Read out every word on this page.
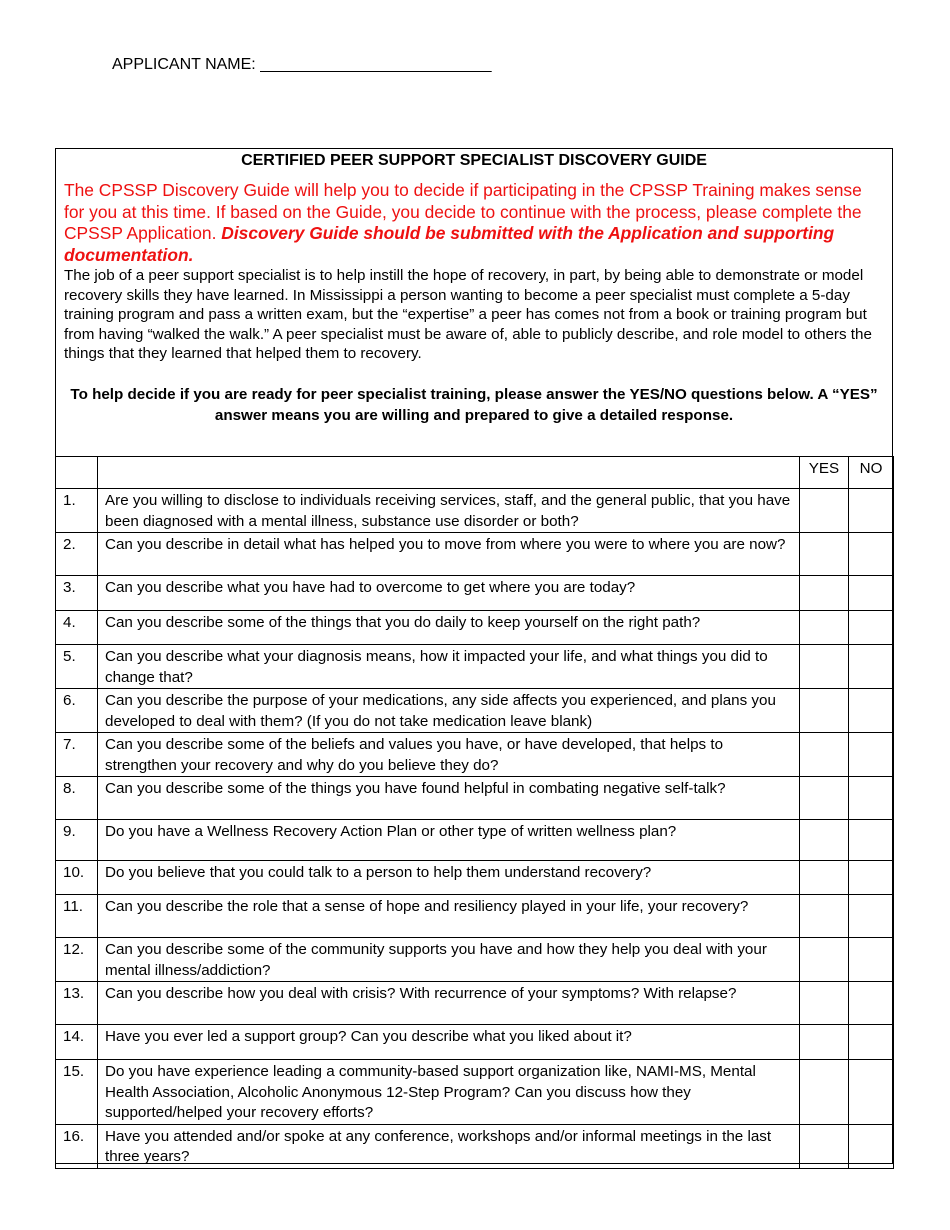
APPLICANT NAME: __________________________
CERTIFIED PEER SUPPORT SPECIALIST DISCOVERY GUIDE
The CPSSP Discovery Guide will help you to decide if participating in the CPSSP Training makes sense for you at this time. If based on the Guide, you decide to continue with the process, please complete the CPSSP Application. Discovery Guide should be submitted with the Application and supporting documentation.
The job of a peer support specialist is to help instill the hope of recovery, in part, by being able to demonstrate or model recovery skills they have learned. In Mississippi a person wanting to become a peer specialist must complete a 5-day training program and pass a written exam, but the “expertise” a peer has comes not from a book or training program but from having “walked the walk.” A peer specialist must be aware of, able to publicly describe, and role model to others the things that they learned that helped them to recovery.
To help decide if you are ready for peer specialist training, please answer the YES/NO questions below. A “YES” answer means you are willing and prepared to give a detailed response.
		YES	NO
1.	Are you willing to disclose to individuals receiving services, staff, and the general public, that you have been diagnosed with a mental illness, substance use disorder or both?		
2.	Can you describe in detail what has helped you to move from where you were to where you are now?		
3.	Can you describe what you have had to overcome to get where you are today?		
4.	Can you describe some of the things that you do daily to keep yourself on the right path?		
5.	Can you describe what your diagnosis means, how it impacted your life, and what things you did to change that?		
6.	Can you describe the purpose of your medications, any side affects you experienced, and plans you developed to deal with them? (If you do not take medication leave blank)		
7.	Can you describe some of the beliefs and values you have, or have developed, that helps to strengthen your recovery and why do you believe they do?		
8.	Can you describe some of the things you have found helpful in combating negative self-talk?		
9.	Do you have a Wellness Recovery Action Plan or other type of written wellness plan?		
10.	Do you believe that you could talk to a person to help them understand recovery?		
11.	Can you describe the role that a sense of hope and resiliency played in your life, your recovery?		
12.	Can you describe some of the community supports you have and how they help you deal with your mental illness/addiction?		
13.	Can you describe how you deal with crisis? With recurrence of your symptoms? With relapse?		
14.	Have you ever led a support group? Can you describe what you liked about it?		
15.	Do you have experience leading a community-based support organization like, NAMI-MS, Mental Health Association, Alcoholic Anonymous 12-Step Program? Can you discuss how they supported/helped your recovery efforts?		
16.	Have you attended and/or spoke at any conference, workshops and/or informal meetings in the last three years?		
